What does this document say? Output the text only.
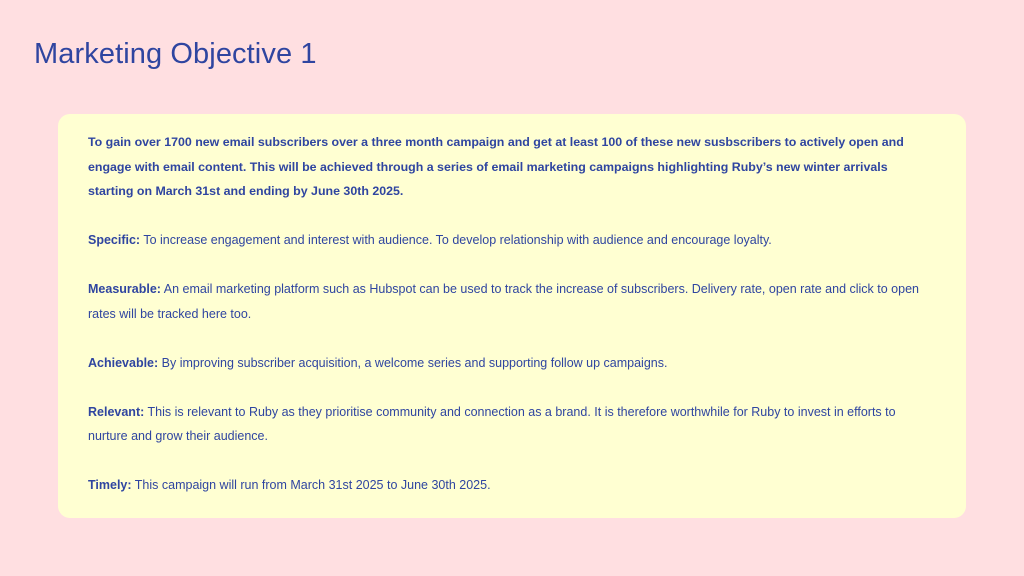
Marketing Objective 1

To gain over 1700 new email subscribers over a three month campaign and get at least 100 of these new susbscribers to actively open and engage with email content. This will be achieved through a series of email marketing campaigns highlighting Ruby’s new winter arrivals starting on March 31st and ending by June 30th 2025.

Specific: To increase engagement and interest with audience. To develop relationship with audience and encourage loyalty.

Measurable: An email marketing platform such as Hubspot can be used to track the increase of subscribers. Delivery rate, open rate and click to open rates will be tracked here too.

Achievable: By improving subscriber acquisition, a welcome series and supporting follow up campaigns.

Relevant: This is relevant to Ruby as they prioritise community and connection as a brand. It is therefore worthwhile for Ruby to invest in efforts to nurture and grow their audience.

Timely: This campaign will run from March 31st 2025 to June 30th 2025.
